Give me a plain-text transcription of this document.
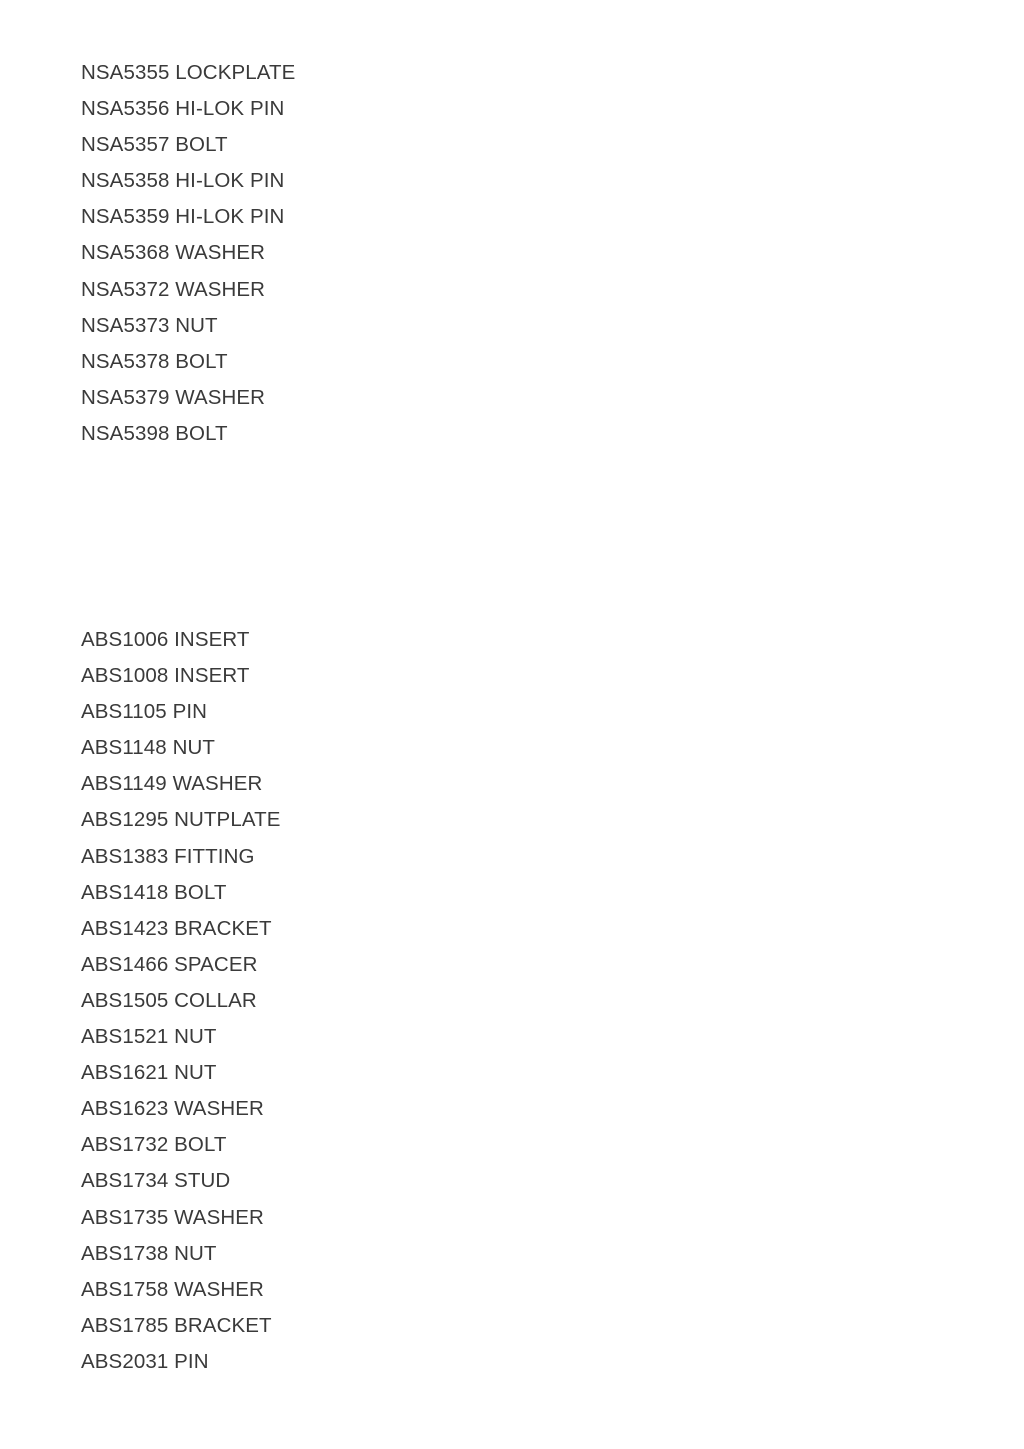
NSA5355 LOCKPLATE
NSA5356 HI-LOK PIN
NSA5357 BOLT
NSA5358 HI-LOK PIN
NSA5359 HI-LOK PIN
NSA5368 WASHER
NSA5372 WASHER
NSA5373 NUT
NSA5378 BOLT
NSA5379 WASHER
NSA5398 BOLT
ABS1006 INSERT
ABS1008 INSERT
ABS1105 PIN
ABS1148 NUT
ABS1149 WASHER
ABS1295 NUTPLATE
ABS1383 FITTING
ABS1418 BOLT
ABS1423 BRACKET
ABS1466 SPACER
ABS1505 COLLAR
ABS1521 NUT
ABS1621 NUT
ABS1623 WASHER
ABS1732 BOLT
ABS1734 STUD
ABS1735 WASHER
ABS1738 NUT
ABS1758 WASHER
ABS1785 BRACKET
ABS2031 PIN
